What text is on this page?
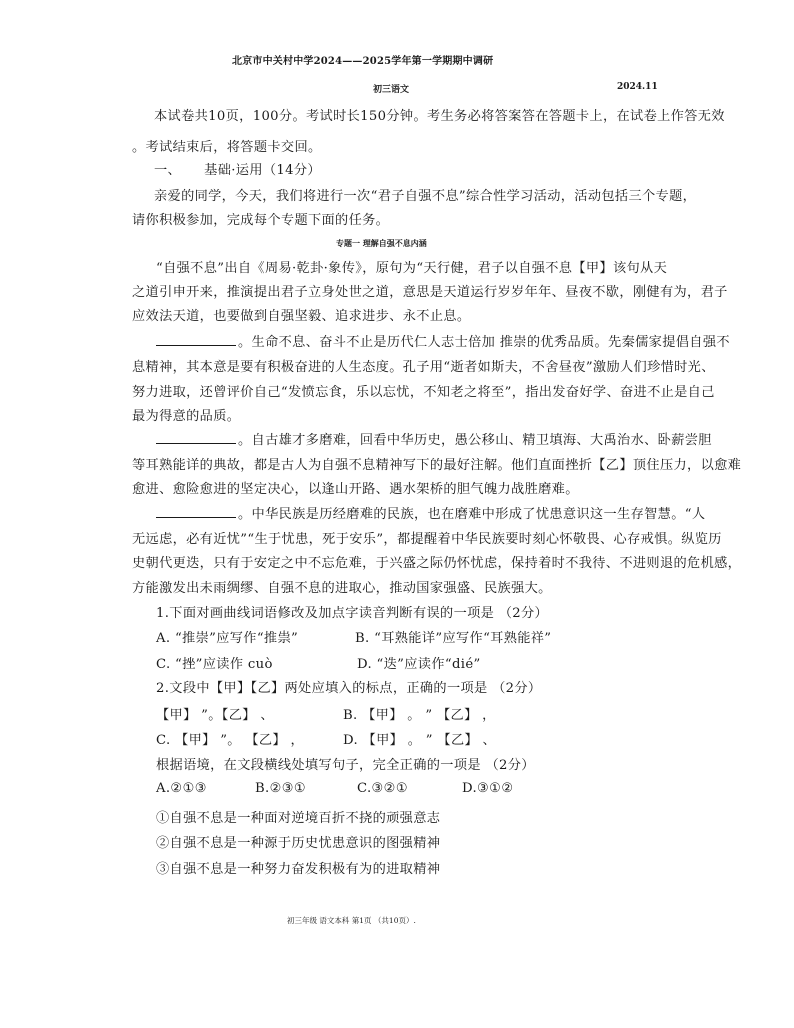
北京市中关村中学2024——2025学年第一学期期中调研
初三语文	2024.11
本试卷共10页，100分。考试时长150分钟。考生务必将答案答在答题卡上，在试卷上作答无效
。考试结束后，将答题卡交回。
一、 基础·运用（14分）
亲爱的同学，今天，我们将进行一次“君子自强不息”综合性学习活动，活动包括三个专题，
请你积极参加，完成每个专题下面的任务。
专题一 理解自强不息内涵
“自强不息”出自《周易·乾卦·象传》，原句为“天行健，君子以自强不息【甲】该句从天
之道引申开来，推演提出君子立身处世之道，意思是天道运行岁岁年年、昼夜不歇，刚健有为，君子
应效法天道，也要做到自强坚毅、追求进步、永不止息。
。生命不息、奋斗不止是历代仁人志士倍加 推崇的优秀品质。先秦儒家提倡自强不
息精神，其本意是要有积极奋进的人生态度。孔子用“逝者如斯夫，不舍昼夜”激励人们珍惜时光、
努力进取，还曾评价自己“发愤忘食，乐以忘忧，不知老之将至”，指出发奋好学、奋进不止是自己
最为得意的品质。
。自古雄才多磨难，回看中华历史，愚公移山、精卫填海、大禹治水、卧薪尝胆
等耳熟能详的典故，都是古人为自强不息精神写下的最好注解。他们直面挫折【乙】顶住压力，以愈难
愈进、愈险愈进的坚定决心，以逢山开路、遇水架桥的胆气魄力战胜磨难。
。中华民族是历经磨难的民族，也在磨难中形成了忧患意识这一生存智慧。“人
无远虑，必有近忧”“生于忧患，死于安乐”，都提醒着中华民族要时刻心怀敬畏、心存戒惧。纵览历
史朝代更迭，只有于安定之中不忘危难，于兴盛之际仍怀忧虑，保持着时不我待、不进则退的危机感，
方能激发出未雨绸缪、自强不息的进取心，推动国家强盛、民族强大。
1.下面对画曲线词语修改及加点字读音判断有误的一项是 （2分）
A. “推崇”应写作“推祟”	B. “耳熟能详”应写作“耳熟能祥”
C. “挫”应读作 cuò	D. “迭”应读作“dié”
2.文段中【甲】【乙】两处应填入的标点，正确的一项是 （2分）
【甲】 ”。【乙】 、	B. 【甲】 。 ” 【乙】 ，
C. 【甲】 ”。 【乙】 ，	D. 【甲】 。 ” 【乙】 、
根据语境，在文段横线处填写句子，完全正确的一项是 （2分）
A.②①③	B.②③①	C.③②①	D.③①②
①自强不息是一种面对逆境百折不挠的顽强意志
②自强不息是一种源于历史忧患意识的图强精神
③自强不息是一种努力奋发积极有为的进取精神
初三年级 语文本科 第1页 （共10页）.
